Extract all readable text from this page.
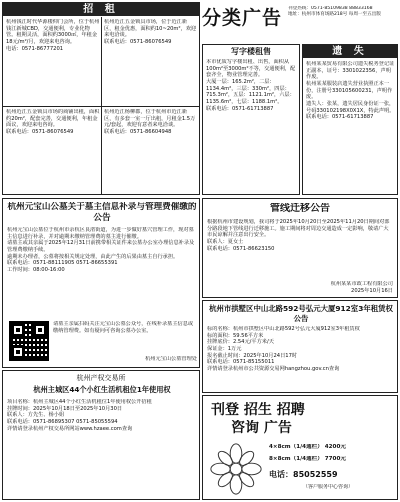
招 租
杭州钱江时代华源楼仰门会所，位于杭州钱江新城CBD，交通便利，专业化物管。租期灵活，面积约3000㎡，年租金18元/m²/月，欢迎来电咨询。
电话：0571-86777201
杭州近江五金锁具市场，位于近江新区，租金优惠，面积约10~20m²，欢迎来电洽谈。
联系电话：0571-86076549
杭州近江五金锁具市场的商铺出租，面积约20m²，配套完善，交通便利，年租金面议，欢迎来电咨询。
联系电话：0571-86076549
杭州近江杨柳郡，位于杭州市近江新区，有多套一室一厅出租，月租金1.5万元/套起，欢迎有意者来电洽谈。
联系电话：0571-86604948
分类广告 刊登热线：0571-85109838 88833168
地址：杭州市体育场路218号 每周一至五出版
写字楼租售
本市优质写字楼出租、出售，面积从100m²至3000m²不等，交通便利，配套齐全，物业管理完善。
大厦一层：165.2m²，二层：1134.4m²，三层：330m²，四层：715.3m²，五层：1121.1m²，六层：1135.6m²，七层：1188.1m²。
联系电话：0571-61713887
遗 失
杭州某某贸易有限公司遗失税务登记证正副本，证号：3301022356，声明作废。
杭州某某服装店遗失营业执照正本一份，注册号330105600231，声明作废。
遗失人：张某，遗失居民身份证一张，号码330102198X0X1X，特此声明。
联系电话：0571-61713887
杭州元宝山公墓关于墓主信息补录与管理费催缴的公告
杭州元宝山公墓位于杭州市余杭区良渚街道，为进一步做好墓穴管理工作，现对墓主信息进行补录，并对逾期未缴纳管理费的墓主进行催缴。
请墓主或其亲属于2025年12月31日前携带相关证件来公墓办公室办理信息补录及管理费缴纳手续。
逾期未办理者，公墓将按相关规定处理，由此产生的后果由墓主自行承担。
联系电话：0571-88111905 0571-86655391
工作时间：08:00-16:00
请墓主亲属扫码关注元宝山公墓公众号，在线补录墓主信息或缴纳管理费。如有疑问可咨询公墓办公室。
杭州元宝山公墓管理处
管线迁移公告
根据杭州市建设规划，我司将于2025年10月20日至2025年11月20日期间对部分路段地下管线进行迁移施工。施工期间将对周边交通造成一定影响，敬请广大市民谅解并注意出行安全。
联系人：夏女士
联系电话：0571-86623150
杭州某某市政工程有限公司
2025年10月16日
杭州市拱墅区中山北路592号弘元大厦912室3年租赁权公告
标的名称：杭州市拱墅区中山北路592号弘元大厦912室3年租赁权
标的面积：59.56平方米
挂牌底价：2.54元/平方米/天
保证金：1万元
报名截止时间：2025年10月24日17时
联系电话：0571-85155011
详情请登录杭州市公共资源交易网hangzhou.gov.cn查询
杭州产权交易所
杭州主城区44个小红生活机租位1年使用权
项目名称：杭州主城区44个小红生活机租位1年使用权公开招租
挂牌时间：2025年10月18日至2025年10月30日
联系人：方先生、杨小姐
联系电话：0571-86895307 0571-85055594
详情请登录杭州产权交易所网站www.hzaee.com查询
刊登 招生 招聘
咨询 广告
4×8cm（1/4通栏） 4200元
8×8cm（1/4通栏） 7700元
电话：85052559
（客户服务中心咨询）
